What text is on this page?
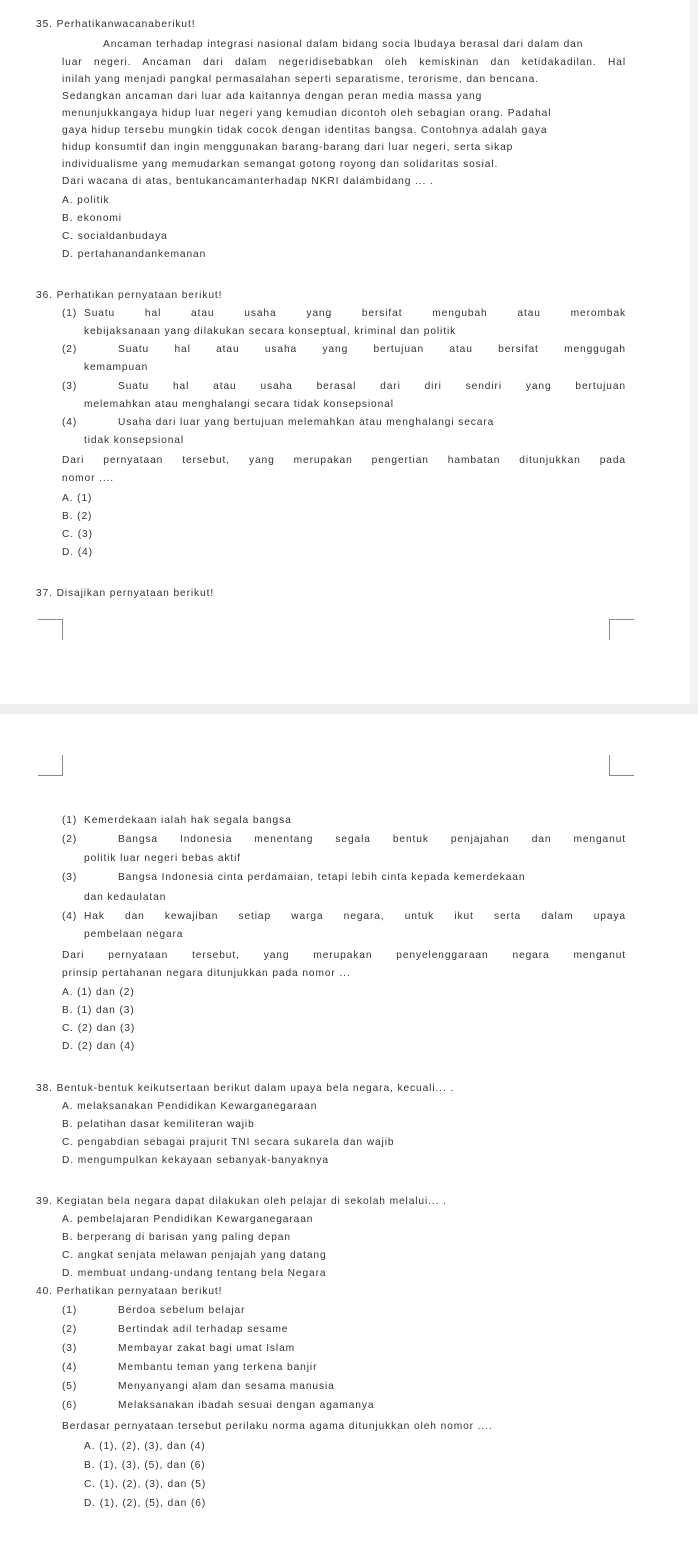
35. Perhatikanwacanaberikut!
Ancaman terhadap integrasi nasional dalam bidang socia lbudaya berasal dari dalam dan
luar negeri. Ancaman dari dalam negeridisebabkan oleh kemiskinan dan ketidakadilan. Hal
inilah yang menjadi pangkal permasalahan seperti separatisme, terorisme, dan bencana.
Sedangkan ancaman dari luar ada kaitannya dengan peran media massa yang
menunjukkangaya hidup luar negeri yang kemudian dicontoh oleh sebagian orang. Padahal
gaya hidup tersebu mungkin tidak cocok dengan identitas bangsa. Contohnya adalah gaya
hidup konsumtif dan ingin menggunakan barang-barang dari luar negeri, serta sikap
individualisme yang memudarkan semangat gotong royong dan solidaritas sosial.
Dari wacana di atas, bentukancamanterhadap NKRI dalambidang ... .
A. politik
B. ekonomi
C. socialdanbudaya
D. pertahanandankemanan
36. Perhatikan pernyataan berikut!
(1) Suatu hal atau usaha yang bersifat mengubah atau merombak
kebijaksanaan yang dilakukan secara konseptual, kriminal dan politik
(2)	Suatu hal atau usaha yang bertujuan atau bersifat menggugah
kemampuan
(3)	Suatu hal atau usaha berasal dari diri sendiri yang bertujuan
melemahkan atau menghalangi secara tidak konsepsional
(4)	Usaha dari luar yang bertujuan melemahkan atau menghalangi secara
tidak konsepsional
Dari pernyataan tersebut, yang merupakan pengertian hambatan ditunjukkan pada
nomor ....
A. (1)
B. (2)
C. (3)
D. (4)
37. Disajikan pernyataan berikut!
(1) Kemerdekaan ialah hak segala bangsa
(2)	Bangsa Indonesia menentang segala bentuk penjajahan dan menganut
politik luar negeri bebas aktif
(3)	Bangsa Indonesia cinta perdamaian, tetapi lebih cinta kepada kemerdekaan
dan kedaulatan
(4) Hak dan kewajiban setiap warga negara, untuk ikut serta dalam upaya
pembelaan negara
Dari pernyataan tersebut, yang merupakan penyelenggaraan negara menganut
prinsip pertahanan negara ditunjukkan pada nomor ...
A. (1) dan (2)
B. (1) dan (3)
C. (2) dan (3)
D. (2) dan (4)
38. Bentuk-bentuk keikutsertaan berikut dalam upaya bela negara, kecuali... .
A. melaksanakan Pendidikan Kewarganegaraan
B. pelatihan dasar kemiliteran wajib
C. pengabdian sebagai prajurit TNI secara sukarela dan wajib
D. mengumpulkan kekayaan sebanyak-banyaknya
39. Kegiatan bela negara dapat dilakukan oleh pelajar di sekolah melalui... .
A. pembelajaran Pendidikan Kewarganegaraan
B. berperang di barisan yang paling depan
C. angkat senjata melawan penjajah yang datang
D. membuat undang-undang tentang bela Negara
40. Perhatikan pernyataan berikut!
(1)	Berdoa sebelum belajar
(2)	Bertindak adil terhadap sesame
(3)	Membayar zakat bagi umat Islam
(4)	Membantu teman yang terkena banjir
(5)	Menyanyangi alam dan sesama manusia
(6)	Melaksanakan ibadah sesuai dengan agamanya
Berdasar pernyataan tersebut perilaku norma agama ditunjukkan oleh nomor ....
A. (1), (2), (3), dan (4)
B. (1), (3), (5), dan (6)
C. (1), (2), (3), dan (5)
D. (1), (2), (5), dan (6)
